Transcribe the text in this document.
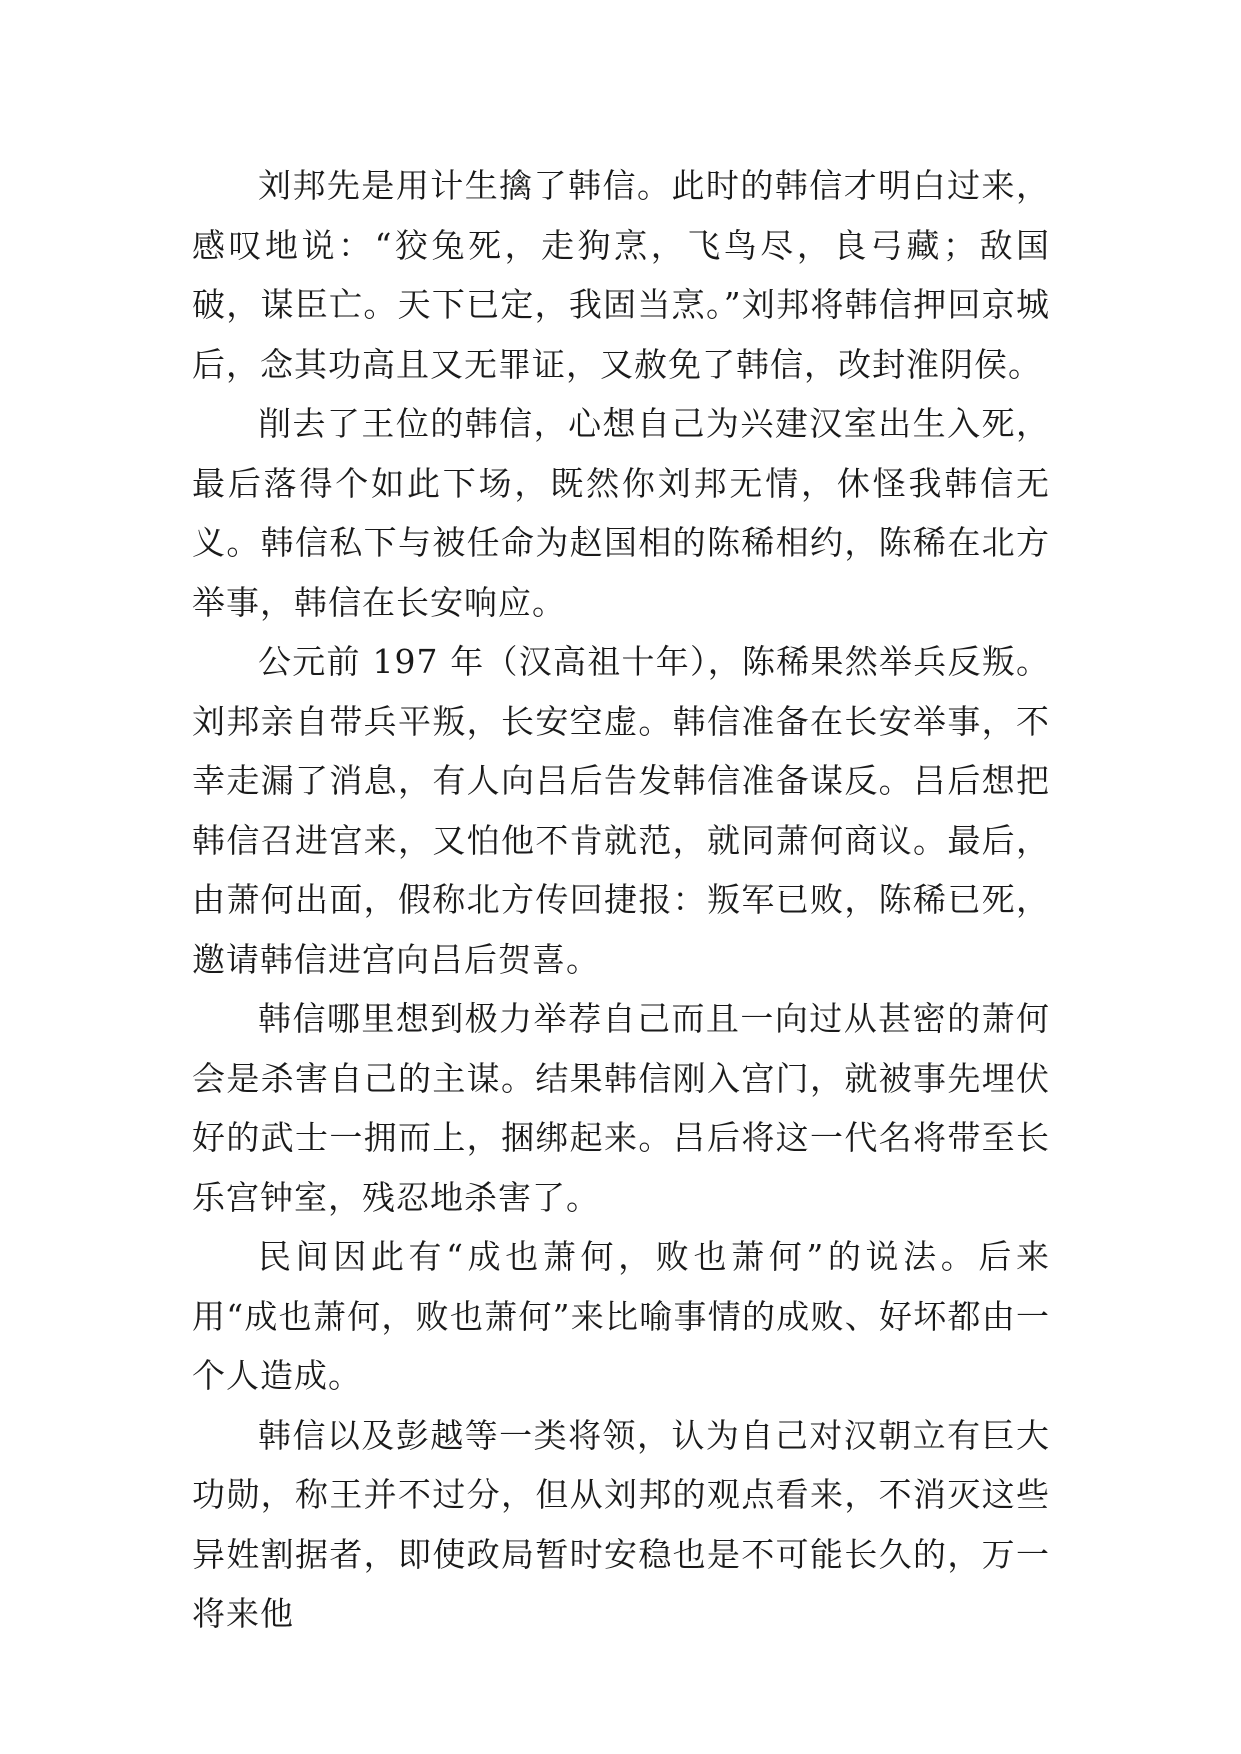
刘邦先是用计生擒了韩信。此时的韩信才明白过来，感叹地说：“狡兔死，走狗烹，飞鸟尽，良弓藏；敌国破，谋臣亡。天下已定，我固当烹。”刘邦将韩信押回京城后，念其功高且又无罪证，又赦免了韩信，改封淮阴侯。

削去了王位的韩信，心想自己为兴建汉室出生入死，最后落得个如此下场，既然你刘邦无情，休怪我韩信无义。韩信私下与被任命为赵国相的陈稀相约，陈稀在北方举事，韩信在长安响应。

公元前 197 年（汉高祖十年），陈稀果然举兵反叛。刘邦亲自带兵平叛，长安空虚。韩信准备在长安举事，不幸走漏了消息，有人向吕后告发韩信准备谋反。吕后想把韩信召进宫来，又怕他不肯就范，就同萧何商议。最后，由萧何出面，假称北方传回捷报：叛军已败，陈稀已死，邀请韩信进宫向吕后贺喜。

韩信哪里想到极力举荐自己而且一向过从甚密的萧何会是杀害自己的主谋。结果韩信刚入宫门，就被事先埋伏好的武士一拥而上，捆绑起来。吕后将这一代名将带至长乐宫钟室，残忍地杀害了。

民间因此有“成也萧何，败也萧何”的说法。后来用“成也萧何，败也萧何”来比喻事情的成败、好坏都由一个人造成。

韩信以及彭越等一类将领，认为自己对汉朝立有巨大功勋，称王并不过分，但从刘邦的观点看来，不消灭这些异姓割据者，即使政局暂时安稳也是不可能长久的，万一将来他
